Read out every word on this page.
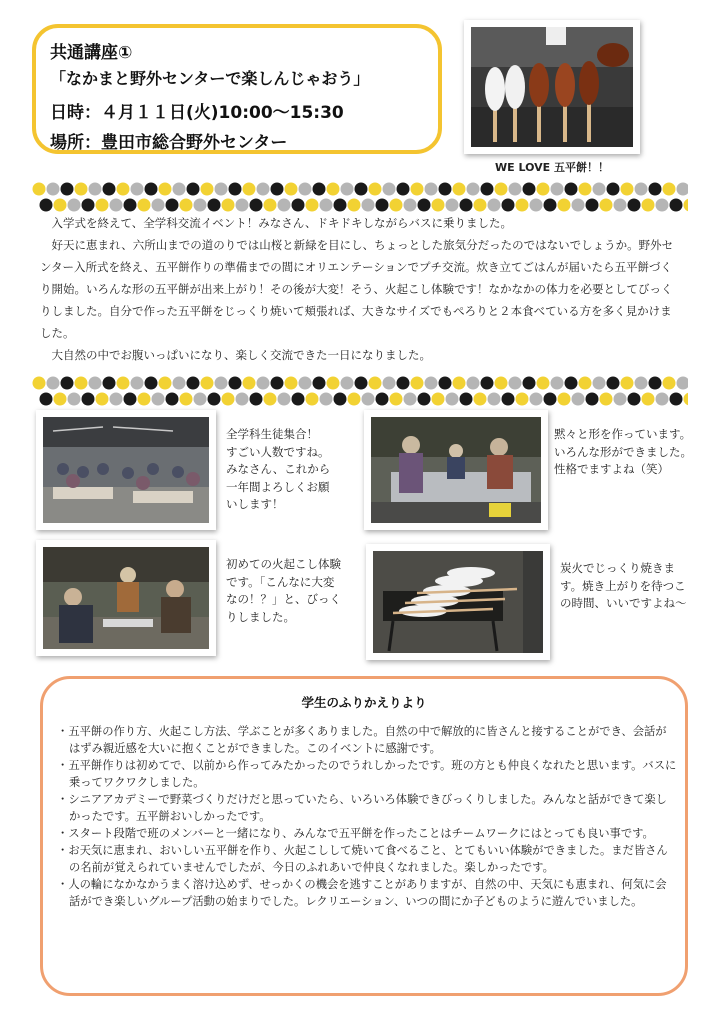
共通講座①
「なかまと野外センターで楽しんじゃおう」
日時：４月１１日(火)10:00～15:30
場所：豊田市総合野外センター
WE LOVE 五平餅！！

　入学式を終えて、全学科交流イベント！みなさん、ドキドキしながらバスに乗りました。

　好天に恵まれ、六所山までの道のりでは山桜と新緑を目にし、ちょっとした旅気分だったのではないでしょうか。野外センター入所式を終え、五平餅作りの準備までの間にオリエンテーションでプチ交流。炊き立てごはんが届いたら五平餅づくり開始。いろんな形の五平餅が出来上がり！その後が大変！そう、火起こし体験です！なかなかの体力を必要としてびっくりしました。自分で作った五平餅をじっくり焼いて頬張れば、大きなサイズでもぺろりと２本食べている方を多く見かけました。

　大自然の中でお腹いっぱいになり、楽しく交流できた一日になりました。

全学科生徒集合！
すごい人数ですね。
みなさん、これから
一年間よろしくお願
いします！
黙々と形を作っています。
いろんな形ができました。
性格でますよね（笑）
初めての火起こし体験
です。「こんなに大変
なの！？」と、びっく
りしました。
炭火でじっくり焼きま
す。焼き上がりを待つこ
の時間、いいですよね～
学生のふりかえりより
・ 五平餅の作り方、火起こし方法、学ぶことが多くありました。自然の中で解放的に皆さんと接することができ、会話がはずみ親近感を大いに抱くことができました。このイベントに感謝です。
・ 五平餅作りは初めてで、以前から作ってみたかったのでうれしかったです。班の方とも仲良くなれたと思います。バスに乗ってワクワクしました。
・ シニアアカデミーで野菜づくりだけだと思っていたら、いろいろ体験できびっくりしました。みんなと話ができて楽しかったです。五平餅おいしかったです。
・ スタート段階で班のメンバーと一緒になり、みんなで五平餅を作ったことはチームワークにはとっても良い事です。
・ お天気に恵まれ、おいしい五平餅を作り、火起こしして焼いて食べること、とてもいい体験ができました。まだ皆さんの名前が覚えられていませんでしたが、今日のふれあいで仲良くなれました。楽しかったです。
・ 人の輪になかなかうまく溶け込めず、せっかくの機会を逃すことがありますが、自然の中、天気にも恵まれ、何気に会話ができ楽しいグループ活動の始まりでした。レクリエーション、いつの間にか子どものように遊んでいました。
